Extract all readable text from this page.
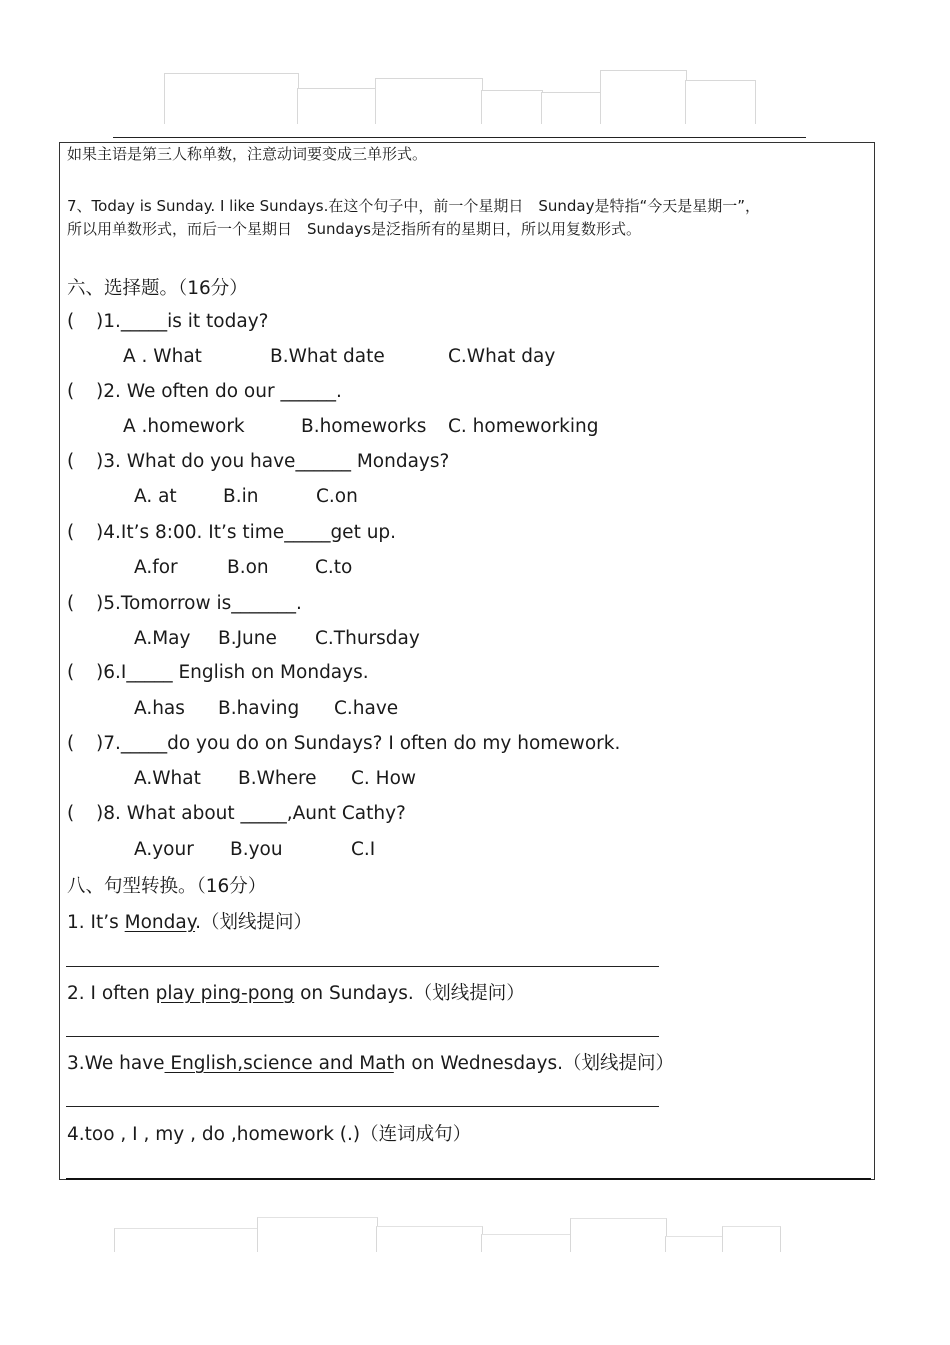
如果主语是第三人称单数，注意动词要变成三单形式。
7、Today is Sunday. I like Sundays.在这个句子中，前一个星期日　Sunday是特指“今天是星期一”，
所以用单数形式，而后一个星期日　Sundays是泛指所有的星期日，所以用复数形式。
六、选择题。（16分）
( )1._____is it today?
A . What	B.What date	C.What day
( )2. We often do our ______.
A .homework	B.homeworks C. homeworking
( )3. What do you have______ Mondays?
A. at	B.in	C.on
( )4.It’s 8:00. It’s time_____get up.
A.for	B.on	C.to
( )5.Tomorrow is_______.
A.May B.June C.Thursday
( )6.I_____ English on Mondays.
A.has B.having C.have
( )7._____do you do on Sundays? I often do my homework.
A.What B.Where C. How
( )8. What about _____,Aunt Cathy?
A.your B.you	C.I
八、句型转换。（16分）
1. It’s Monday.（划线提问）
2. I often play ping-pong on Sundays.（划线提问）
3.We have English,science and Math on Wednesdays.（划线提问）
4.too , I , my , do ,homework (.)（连词成句）
